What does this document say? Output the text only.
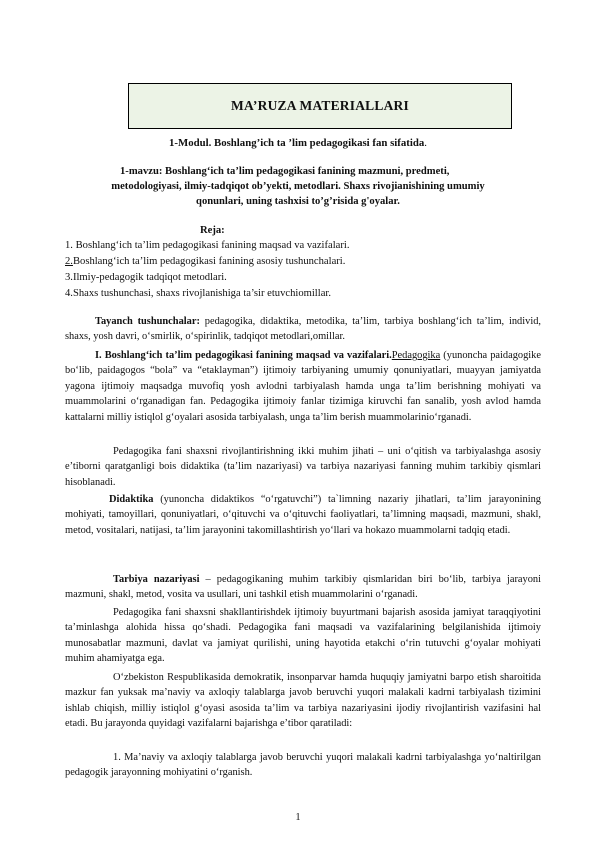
MA’RUZA MATERIALLARI
1-Modul. Boshlang’ich ta ’lim pedagogikasi fan sifatida.
1-mavzu: Boshlang‘ich ta’lim pedagogikasi fanining mazmuni, predmeti,
metodologiyasi, ilmiy-tadqiqot ob’yekti, metodlari. Shaxs rivojianishining umumiy
qonunlari, uning tashxisi to’g’risida g'oyalar.
Reja:
1. Boshlang‘ich ta’lim pedagogikasi fanining maqsad va vazifalari.
2.Boshlang‘ich ta’lim pedagogikasi fanining asosiy tushunchalari.
3.Ilmiy-pedagogik tadqiqot metodlari.
4.Shaxs tushunchasi, shaxs rivojlanishiga ta’sir etuvchiomillar.
Tayanch tushunchalar: pedagogika, didaktika, metodika, ta’lim, tarbiya boshlang‘ich ta’lim, individ, shaxs, yosh davri, o‘smirlik, o‘spirinlik, tadqiqot metodlari,omillar.
I. Boshlang‘ich ta’lim pedagogikasi fanining maqsad va vazifalari.Pedagogika (yunoncha paidagogike bo‘lib, paidagogos “bola” va “etaklayman”) ijtimoiy tarbiyaning umumiy qonuniyatlari, muayyan jamiyatda yagona ijtimoiy maqsadga muvofiq yosh avlodni tarbiyalash hamda unga ta’lim berishning mohiyati va muammolarini o‘rganadigan fan. Pedagogika ijtimoiy fanlar tizimiga kiruvchi fan sanalib, yosh avlod hamda kattalarni milliy istiqlol g‘oyalari asosida tarbiyalash, unga ta’lim berish muammolarinio‘rganadi.
Pedagogika fani shaxsni rivojlantirishning ikki muhim jihati – uni o‘qitish va tarbiyalashga asosiy e’tiborni qaratganligi bois didaktika (ta’lim nazariyasi) va tarbiya nazariyasi fanning muhim tarkibiy qismlari hisoblanadi.
Didaktika (yunoncha didaktikos “o‘rgatuvchi”) ta`limning nazariy jihatlari, ta’lim jarayonining mohiyati, tamoyillari, qonuniyatlari, o‘qituvchi va o‘qituvchi faoliyatlari, ta’limning maqsadi, mazmuni, shakl, metod, vositalari, natijasi, ta’lim jarayonini takomillashtirish yo‘llari va hokazo muammolarni tadqiq etadi.
Tarbiya nazariyasi – pedagogikaning muhim tarkibiy qismlaridan biri bo‘lib, tarbiya jarayoni mazmuni, shakl, metod, vosita va usullari, uni tashkil etish muammolarini o‘rganadi.
Pedagogika fani shaxsni shakllantirishdek ijtimoiy buyurtmani bajarish asosida jamiyat taraqqiyotini ta’minlashga alohida hissa qo‘shadi. Pedagogika fani maqsadi va vazifalarining belgilanishida ijtimoiy munosabatlar mazmuni, davlat va jamiyat qurilishi, uning hayotida etakchi o‘rin tutuvchi g‘oyalar mohiyati muhim ahamiyatga ega.
O‘zbekiston Respublikasida demokratik, insonparvar hamda huquqiy jamiyatni barpo etish sharoitida mazkur fan yuksak ma’naviy va axloqiy talablarga javob beruvchi yuqori malakali kadrni tarbiyalash tizimini ishlab chiqish, milliy istiqlol g‘oyasi asosida ta’lim va tarbiya nazariyasini ijodiy rivojlantirish vazifasini hal etadi. Bu jarayonda quyidagi vazifalarni bajarishga e’tibor qaratiladi:
1. Ma’naviy va axloqiy talablarga javob beruvchi yuqori malakali kadrni tarbiyalashga yo‘naltirilgan pedagogik jarayonning mohiyatini o‘rganish.
1
